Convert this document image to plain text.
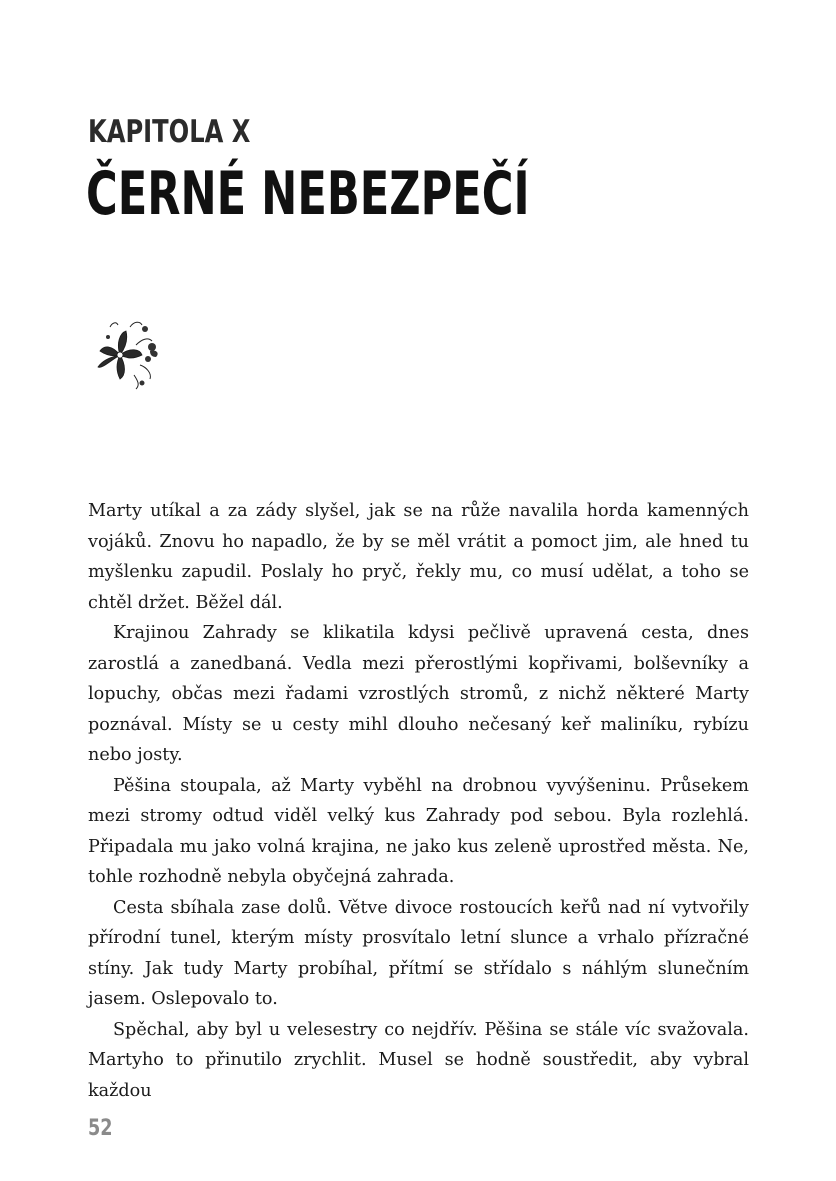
KAPITOLA X
ČERNÉ NEBEZPEČÍ

Marty utíkal a za zády slyšel, jak se na růže navalila horda kamenných vojáků. Znovu ho napadlo, že by se měl vrátit a pomoct jim, ale hned tu myšlenku zapudil. Poslaly ho pryč, řekly mu, co musí udělat, a toho se chtěl držet. Běžel dál.

Krajinou Zahrady se klikatila kdysi pečlivě upravená cesta, dnes zarostlá a zanedbaná. Vedla mezi přerostlými kopřivami, bolševníky a lopuchy, občas mezi řadami vzrostlých stromů, z nichž některé Marty poznával. Místy se u cesty mihl dlouho nečesaný keř maliníku, rybízu nebo josty.

Pěšina stoupala, až Marty vyběhl na drobnou vyvýšeninu. Průsekem mezi stromy odtud viděl velký kus Zahrady pod sebou. Byla rozlehlá. Připadala mu jako volná krajina, ne jako kus zeleně uprostřed města. Ne, tohle rozhodně nebyla obyčejná zahrada.

Cesta sbíhala zase dolů. Větve divoce rostoucích keřů nad ní vytvořily přírodní tunel, kterým místy prosvítalo letní slunce a vrhalo přízračné stíny. Jak tudy Marty probíhal, přítmí se střídalo s náhlým slunečním jasem. Oslepovalo to.

Spěchal, aby byl u velesestry co nejdřív. Pěšina se stále víc svažovala. Martyho to přinutilo zrychlit. Musel se hodně soustředit, aby vybral každou

52
